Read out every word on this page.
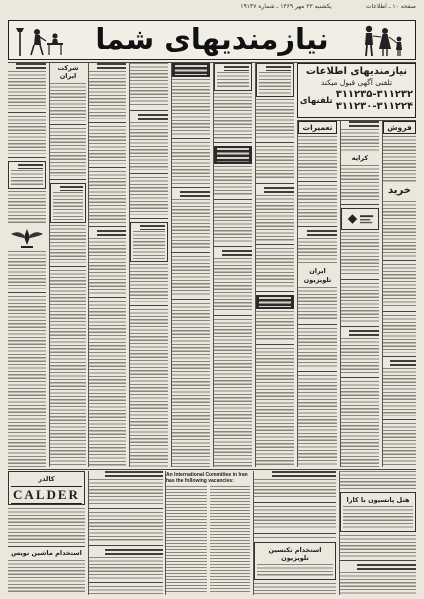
صفحه ۱۰ ـ اطلاعات
یکشنبه ۲۳ مهر ۱۳۶۹ ـ شماره ۱۹۱۴۷
نیازمندیهای شما
نیازمندیهای اطلاعات
تلفنی آگهی قبول میکند
تلفنهای
۳۱۱۲۳۵-۳۱۱۲۳۲
۳۱۱۲۳۰-۳۱۱۲۲۴
کالدر
CALDER
استخدام ماشین نویس
An International Committee in Iran has the following vacancies:
استخدام تکنسین تلویزیون
هتل پانسیون با کارا
فروش
خرید
کرایه
تعمیرات
ایران تلویزیون
شرکت ایران
